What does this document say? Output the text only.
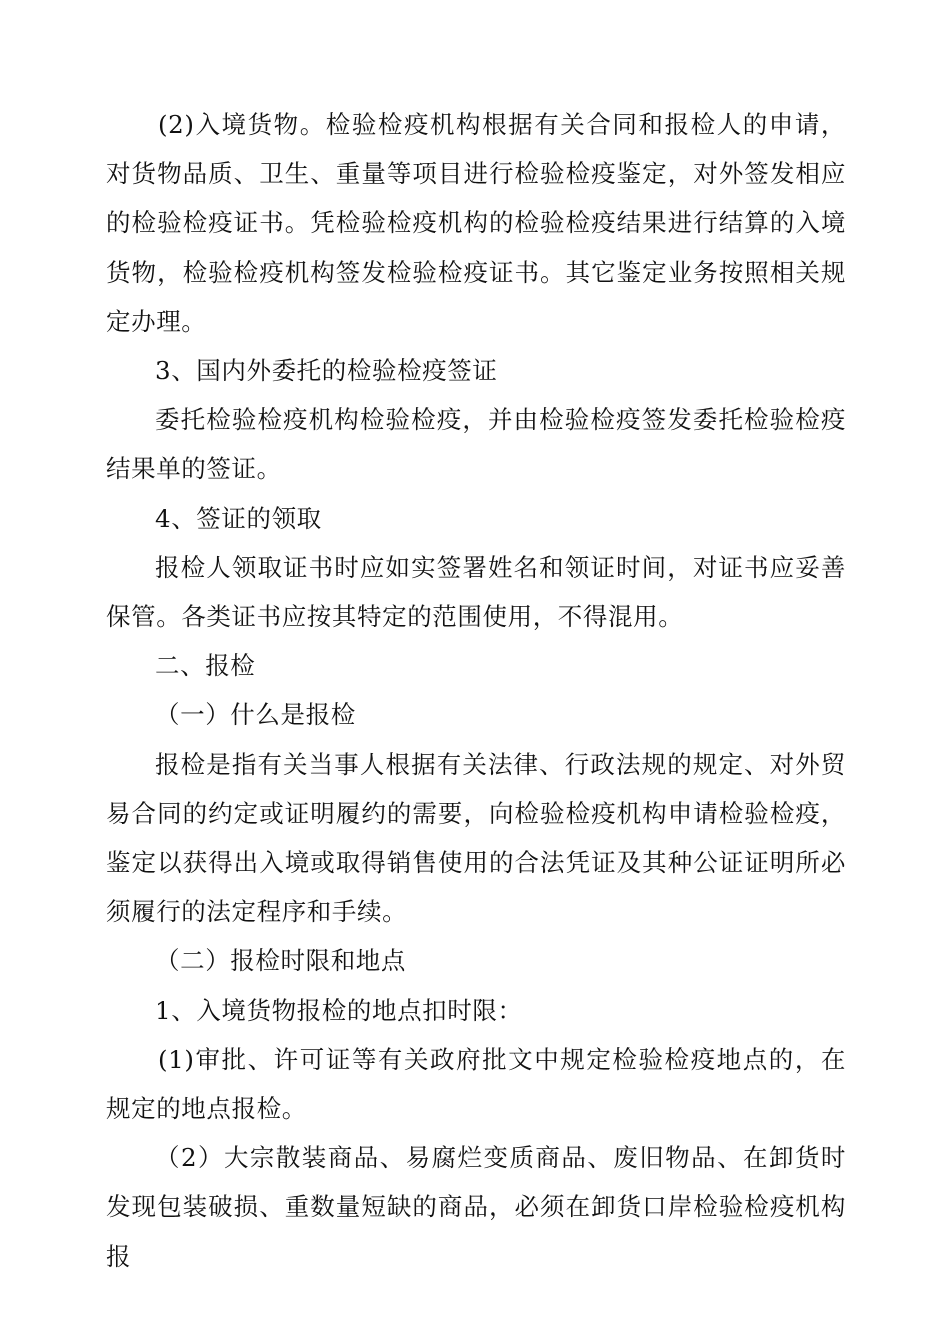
(2)入境货物。检验检疫机构根据有关合同和报检人的申请，对货物品质、卫生、重量等项目进行检验检疫鉴定，对外签发相应的检验检疫证书。凭检验检疫机构的检验检疫结果进行结算的入境货物，检验检疫机构签发检验检疫证书。其它鉴定业务按照相关规定办理。

3、国内外委托的检验检疫签证

委托检验检疫机构检验检疫，并由检验检疫签发委托检验检疫结果单的签证。

4、签证的领取

报检人领取证书时应如实签署姓名和领证时间，对证书应妥善保管。各类证书应按其特定的范围使用，不得混用。

二、报检

（一）什么是报检

报检是指有关当事人根据有关法律、行政法规的规定、对外贸易合同的约定或证明履约的需要，向检验检疫机构申请检验检疫，鉴定以获得出入境或取得销售使用的合法凭证及其种公证证明所必须履行的法定程序和手续。

（二）报检时限和地点

1、入境货物报检的地点扣时限：

(1)审批、许可证等有关政府批文中规定检验检疫地点的，在规定的地点报检。

（2）大宗散装商品、易腐烂变质商品、废旧物品、在卸货时发现包装破损、重数量短缺的商品，必须在卸货口岸检验检疫机构报
